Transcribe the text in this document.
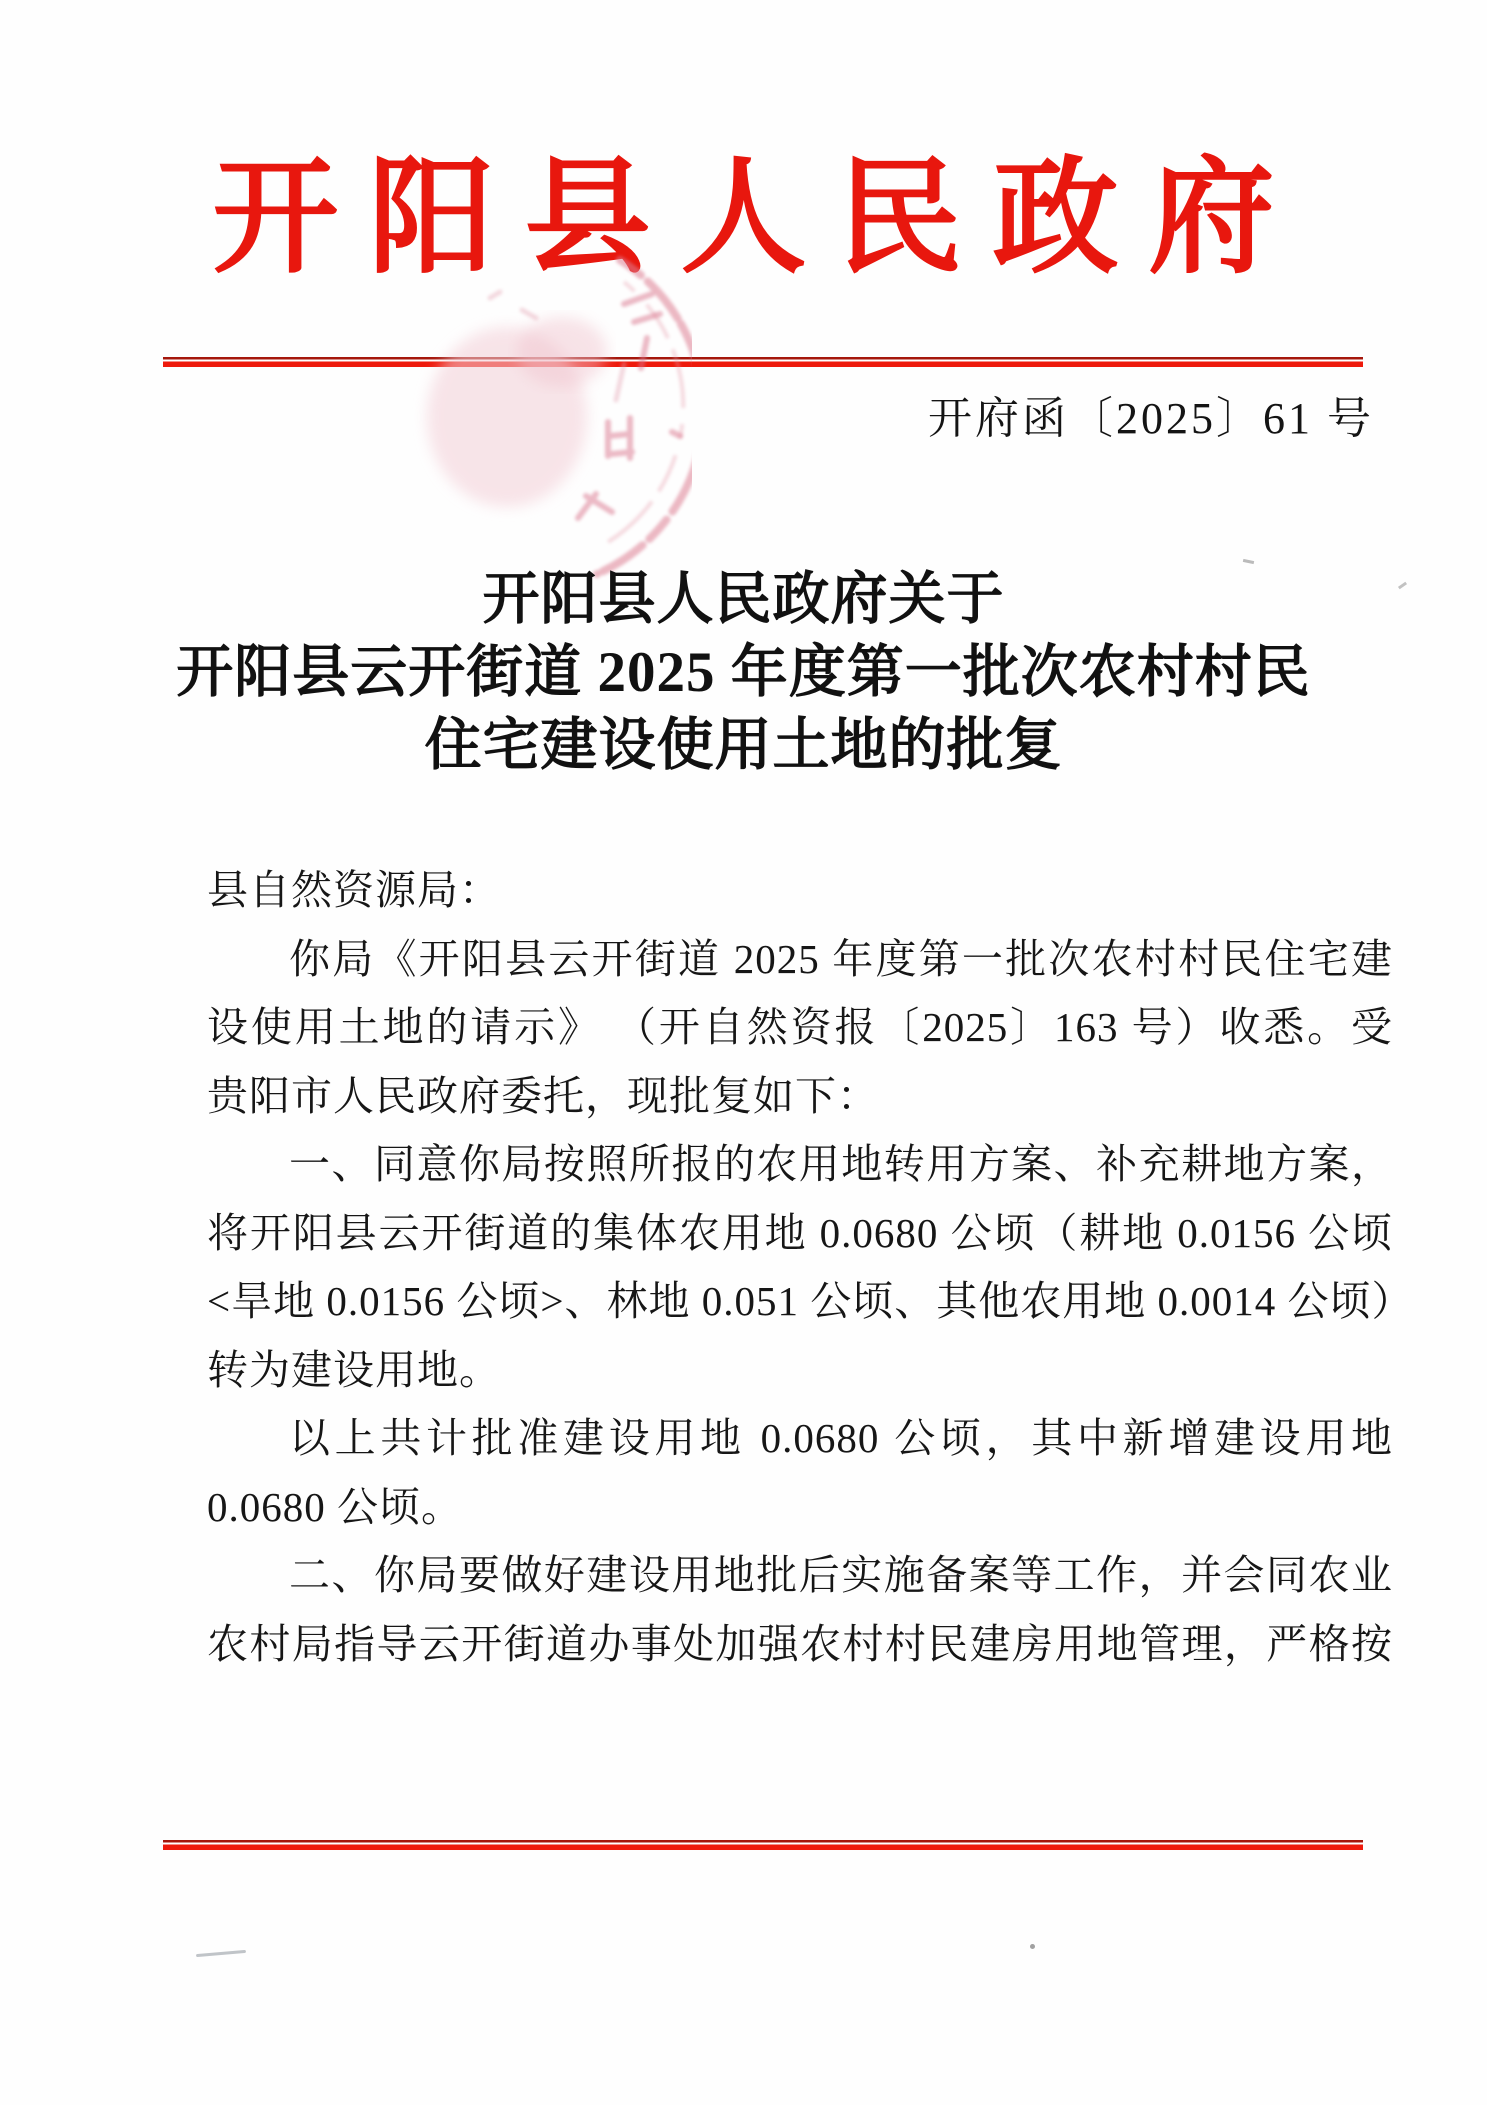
开阳县人民政府
开府函〔2025〕61 号
开阳县人民政府关于
开阳县云开街道 2025 年度第一批次农村村民
住宅建设使用土地的批复
县自然资源局：
你局《开阳县云开街道 2025 年度第一批次农村村民住宅建
设使用土地的请示》 （开自然资报〔2025〕163 号）收悉。受
贵阳市人民政府委托，现批复如下：
一、同意你局按照所报的农用地转用方案、补充耕地方案，
将开阳县云开街道的集体农用地 0.0680 公顷（耕地 0.0156 公顷
<旱地 0.0156 公顷>、林地 0.051 公顷、其他农用地 0.0014 公顷）
转为建设用地。
以上共计批准建设用地 0.0680 公顷，其中新增建设用地
0.0680 公顷。
二、你局要做好建设用地批后实施备案等工作，并会同农业
农村局指导云开街道办事处加强农村村民建房用地管理，严格按
